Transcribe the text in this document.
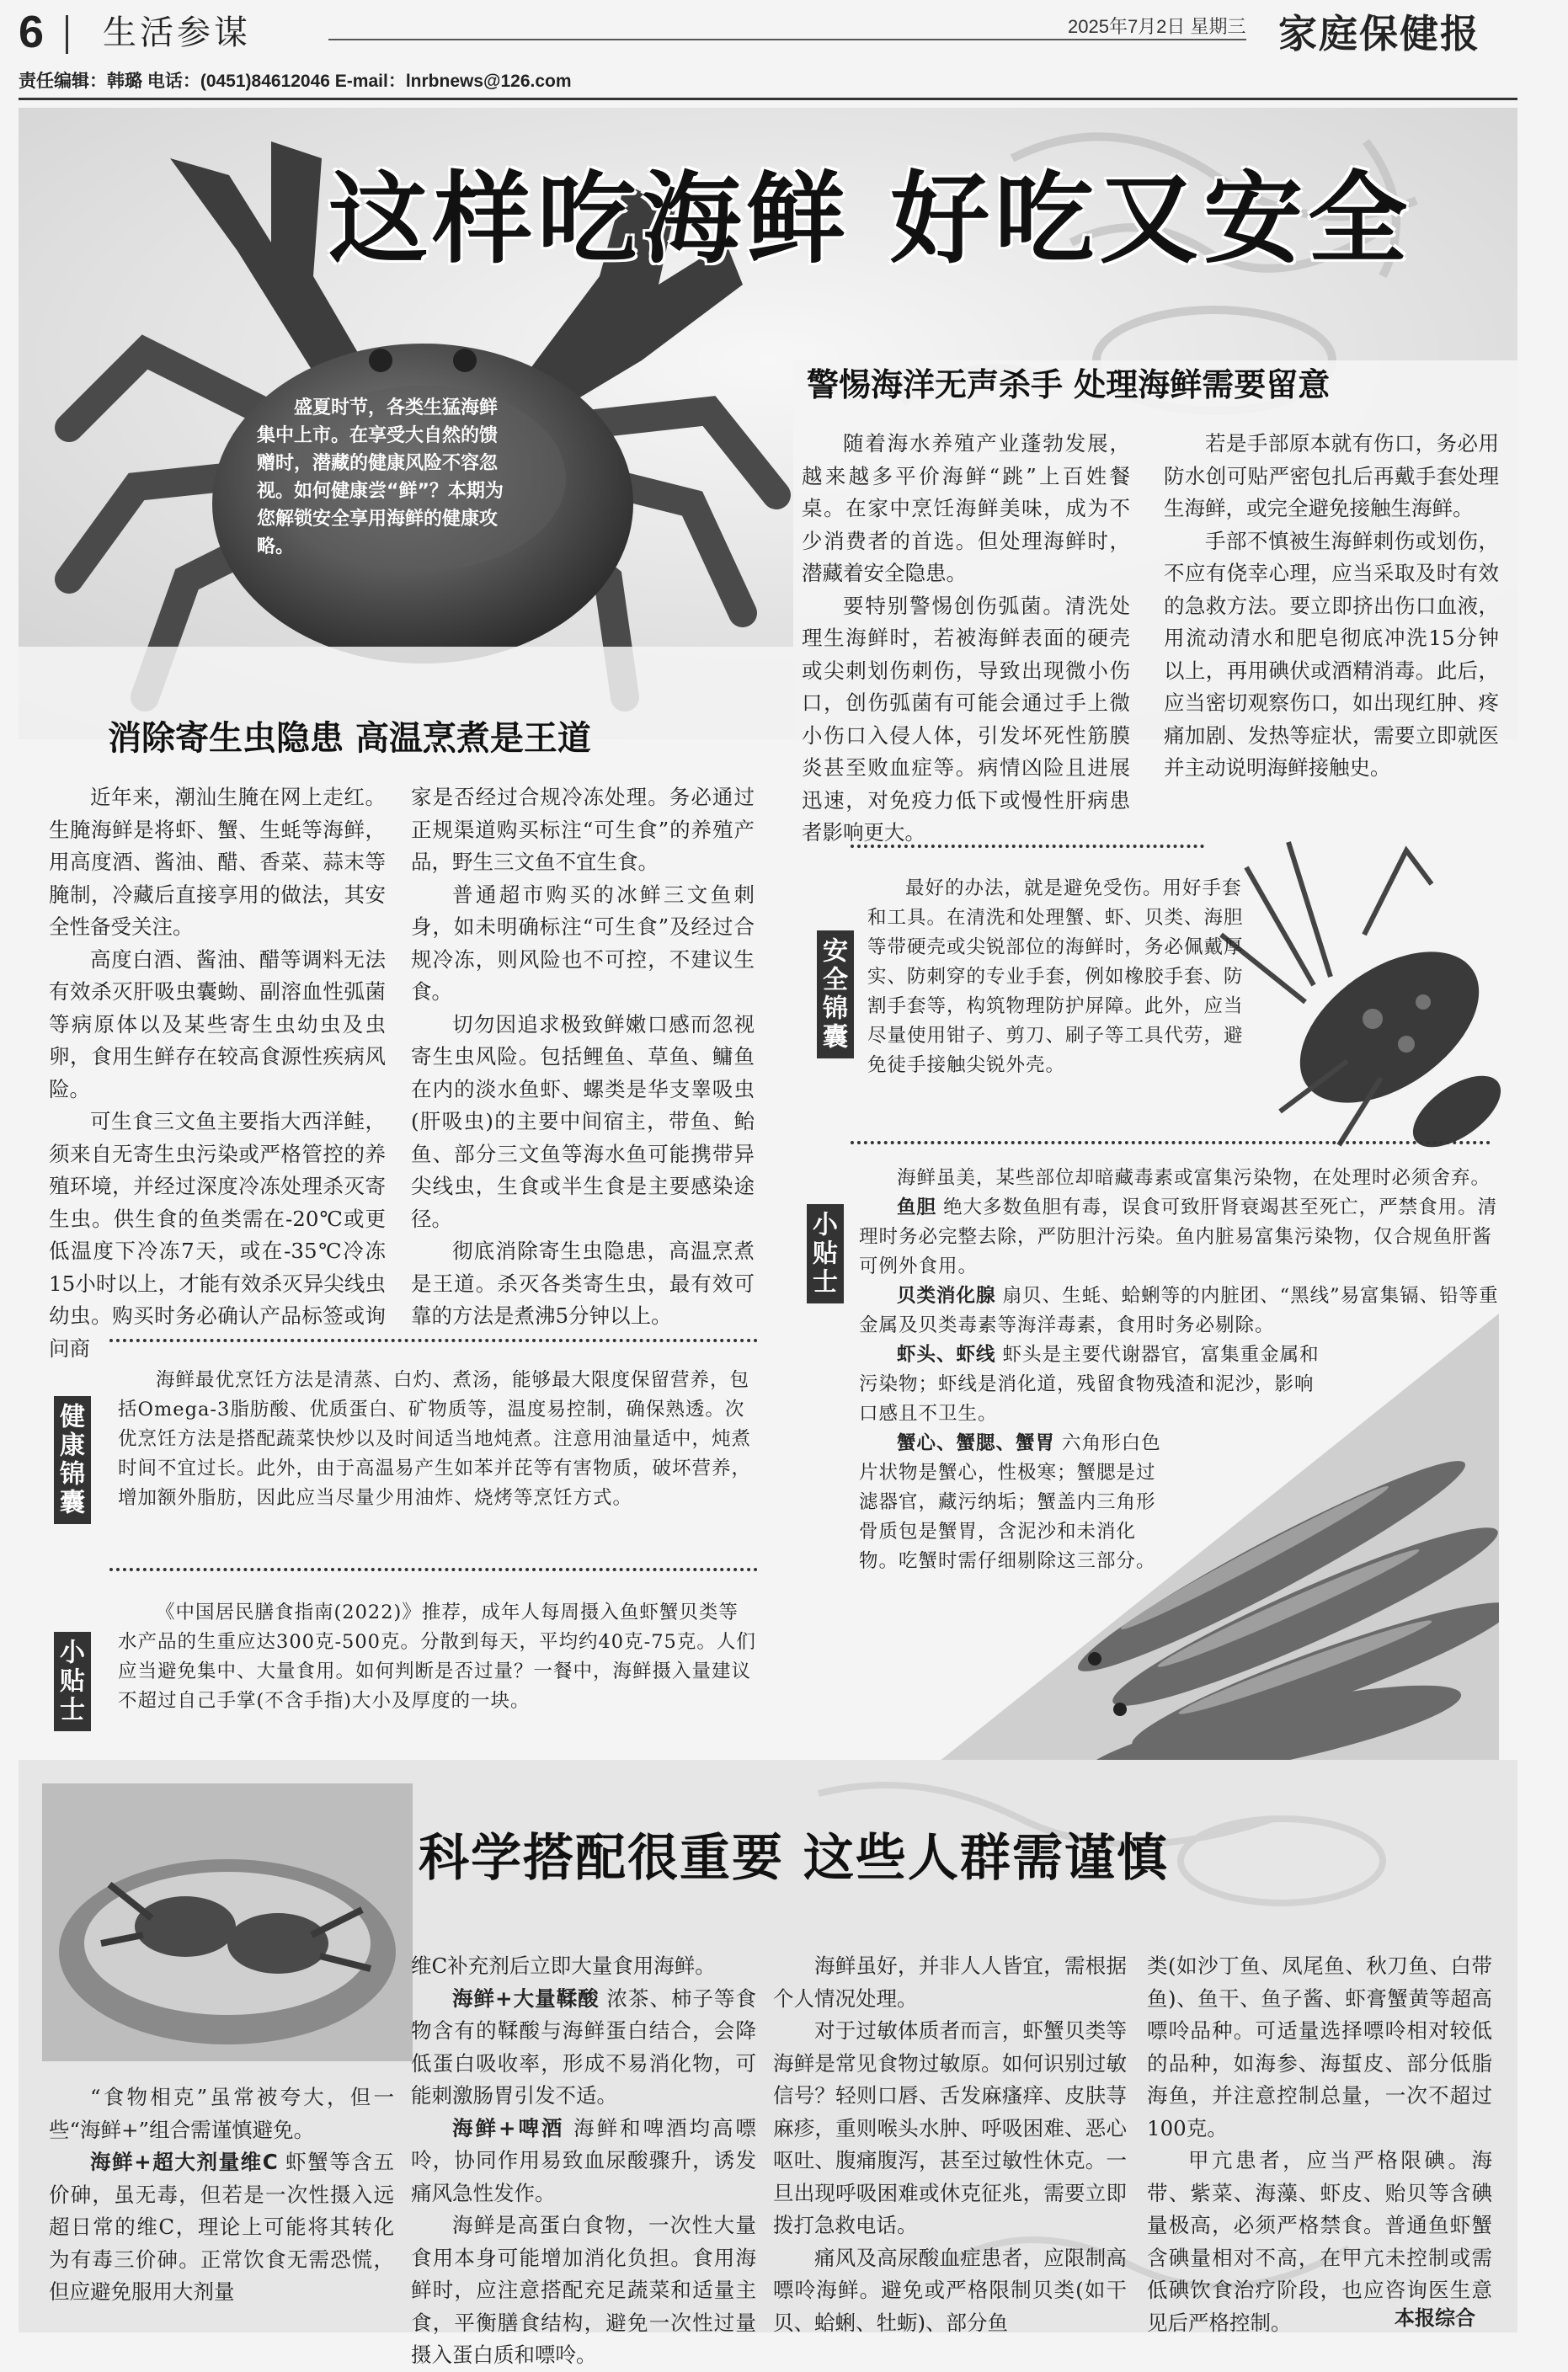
6 生活参谋	2025年7月2日 星期三 家庭保健报
责任编辑：韩璐 电话：(0451)84612046 E-mail：lnrbnews@126.com
这样吃海鲜 好吃又安全
盛夏时节，各类生猛海鲜集中上市。在享受大自然的馈赠时，潜藏的健康风险不容忽视。如何健康尝“鲜”？本期为您解锁安全享用海鲜的健康攻略。
消除寄生虫隐患 高温烹煮是王道

近年来，潮汕生腌在网上走红。生腌海鲜是将虾、蟹、生蚝等海鲜，用高度酒、酱油、醋、香菜、蒜末等腌制，冷藏后直接享用的做法，其安全性备受关注。

高度白酒、酱油、醋等调料无法有效杀灭肝吸虫囊蚴、副溶血性弧菌等病原体以及某些寄生虫幼虫及虫卵，食用生鲜存在较高食源性疾病风险。

可生食三文鱼主要指大西洋鲑，须来自无寄生虫污染或严格管控的养殖环境，并经过深度冷冻处理杀灭寄生虫。供生食的鱼类需在-20℃或更低温度下冷冻7天，或在-35℃冷冻15小时以上，才能有效杀灭异尖线虫幼虫。购买时务必确认产品标签或询问商

家是否经过合规冷冻处理。务必通过正规渠道购买标注“可生食”的养殖产品，野生三文鱼不宜生食。

普通超市购买的冰鲜三文鱼刺身，如未明确标注“可生食”及经过合规冷冻，则风险也不可控，不建议生食。

切勿因追求极致鲜嫩口感而忽视寄生虫风险。包括鲤鱼、草鱼、鳙鱼在内的淡水鱼虾、螺类是华支睾吸虫(肝吸虫)的主要中间宿主，带鱼、鲐鱼、部分三文鱼等海水鱼可能携带异尖线虫，生食或半生食是主要感染途径。

彻底消除寄生虫隐患，高温烹煮是王道。杀灭各类寄生虫，最有效可靠的方法是煮沸5分钟以上。

警惕海洋无声杀手 处理海鲜需要留意

随着海水养殖产业蓬勃发展，越来越多平价海鲜“跳”上百姓餐桌。在家中烹饪海鲜美味，成为不少消费者的首选。但处理海鲜时，潜藏着安全隐患。

要特别警惕创伤弧菌。清洗处理生海鲜时，若被海鲜表面的硬壳或尖刺划伤刺伤，导致出现微小伤口，创伤弧菌有可能会通过手上微小伤口入侵人体，引发坏死性筋膜炎甚至败血症等。病情凶险且进展迅速，对免疫力低下或慢性肝病患者影响更大。

若是手部原本就有伤口，务必用防水创可贴严密包扎后再戴手套处理生海鲜，或完全避免接触生海鲜。

手部不慎被生海鲜刺伤或划伤，不应有侥幸心理，应当采取及时有效的急救方法。要立即挤出伤口血液，用流动清水和肥皂彻底冲洗15分钟以上，再用碘伏或酒精消毒。此后，应当密切观察伤口，如出现红肿、疼痛加剧、发热等症状，需要立即就医并主动说明海鲜接触史。

安全锦囊

最好的办法，就是避免受伤。用好手套和工具。在清洗和处理蟹、虾、贝类、海胆等带硬壳或尖锐部位的海鲜时，务必佩戴厚实、防刺穿的专业手套，例如橡胶手套、防割手套等，构筑物理防护屏障。此外，应当尽量使用钳子、剪刀、刷子等工具代劳，避免徒手接触尖锐外壳。

小贴士

海鲜虽美，某些部位却暗藏毒素或富集污染物，在处理时必须舍弃。

鱼胆 绝大多数鱼胆有毒，误食可致肝肾衰竭甚至死亡，严禁食用。清理时务必完整去除，严防胆汁污染。鱼内脏易富集污染物，仅合规鱼肝酱可例外食用。

贝类消化腺 扇贝、生蚝、蛤蜊等的内脏团、“黑线”易富集镉、铅等重金属及贝类毒素等海洋毒素，食用时务必剔除。

虾头、虾线 虾头是主要代谢器官，富集重金属和污染物；虾线是消化道，残留食物残渣和泥沙，影响口感且不卫生。

蟹心、蟹腮、蟹胃 六角形白色片状物是蟹心，性极寒；蟹腮是过滤器官，藏污纳垢；蟹盖内三角形骨质包是蟹胃，含泥沙和未消化物。吃蟹时需仔细剔除这三部分。

健康锦囊

海鲜最优烹饪方法是清蒸、白灼、煮汤，能够最大限度保留营养，包括Omega-3脂肪酸、优质蛋白、矿物质等，温度易控制，确保熟透。次优烹饪方法是搭配蔬菜快炒以及时间适当地炖煮。注意用油量适中，炖煮时间不宜过长。此外，由于高温易产生如苯并芘等有害物质，破坏营养，增加额外脂肪，因此应当尽量少用油炸、烧烤等烹饪方式。

小贴士

《中国居民膳食指南(2022)》推荐，成年人每周摄入鱼虾蟹贝类等水产品的生重应达300克-500克。分散到每天，平均约40克-75克。人们应当避免集中、大量食用。如何判断是否过量？一餐中，海鲜摄入量建议不超过自己手掌(不含手指)大小及厚度的一块。

科学搭配很重要 这些人群需谨慎

“食物相克”虽常被夸大，但一些“海鲜+”组合需谨慎避免。

海鲜+超大剂量维C 虾蟹等含五价砷，虽无毒，但若是一次性摄入远超日常的维C，理论上可能将其转化为有毒三价砷。正常饮食无需恐慌，但应避免服用大剂量

维C补充剂后立即大量食用海鲜。

海鲜+大量鞣酸 浓茶、柿子等食物含有的鞣酸与海鲜蛋白结合，会降低蛋白吸收率，形成不易消化物，可能刺激肠胃引发不适。

海鲜+啤酒 海鲜和啤酒均高嘌呤，协同作用易致血尿酸骤升，诱发痛风急性发作。

海鲜是高蛋白食物，一次性大量食用本身可能增加消化负担。食用海鲜时，应注意搭配充足蔬菜和适量主食，平衡膳食结构，避免一次性过量摄入蛋白质和嘌呤。

海鲜虽好，并非人人皆宜，需根据个人情况处理。

对于过敏体质者而言，虾蟹贝类等海鲜是常见食物过敏原。如何识别过敏信号？轻则口唇、舌发麻瘙痒、皮肤荨麻疹，重则喉头水肿、呼吸困难、恶心呕吐、腹痛腹泻，甚至过敏性休克。一旦出现呼吸困难或休克征兆，需要立即拨打急救电话。

痛风及高尿酸血症患者，应限制高嘌呤海鲜。避免或严格限制贝类(如干贝、蛤蜊、牡蛎)、部分鱼

类(如沙丁鱼、凤尾鱼、秋刀鱼、白带鱼)、鱼干、鱼子酱、虾膏蟹黄等超高嘌呤品种。可适量选择嘌呤相对较低的品种，如海参、海蜇皮、部分低脂海鱼，并注意控制总量，一次不超过100克。

甲亢患者，应当严格限碘。海带、紫菜、海藻、虾皮、贻贝等含碘量极高，必须严格禁食。普通鱼虾蟹含碘量相对不高，在甲亢未控制或需低碘饮食治疗阶段，也应咨询医生意见后严格控制。	本报综合
